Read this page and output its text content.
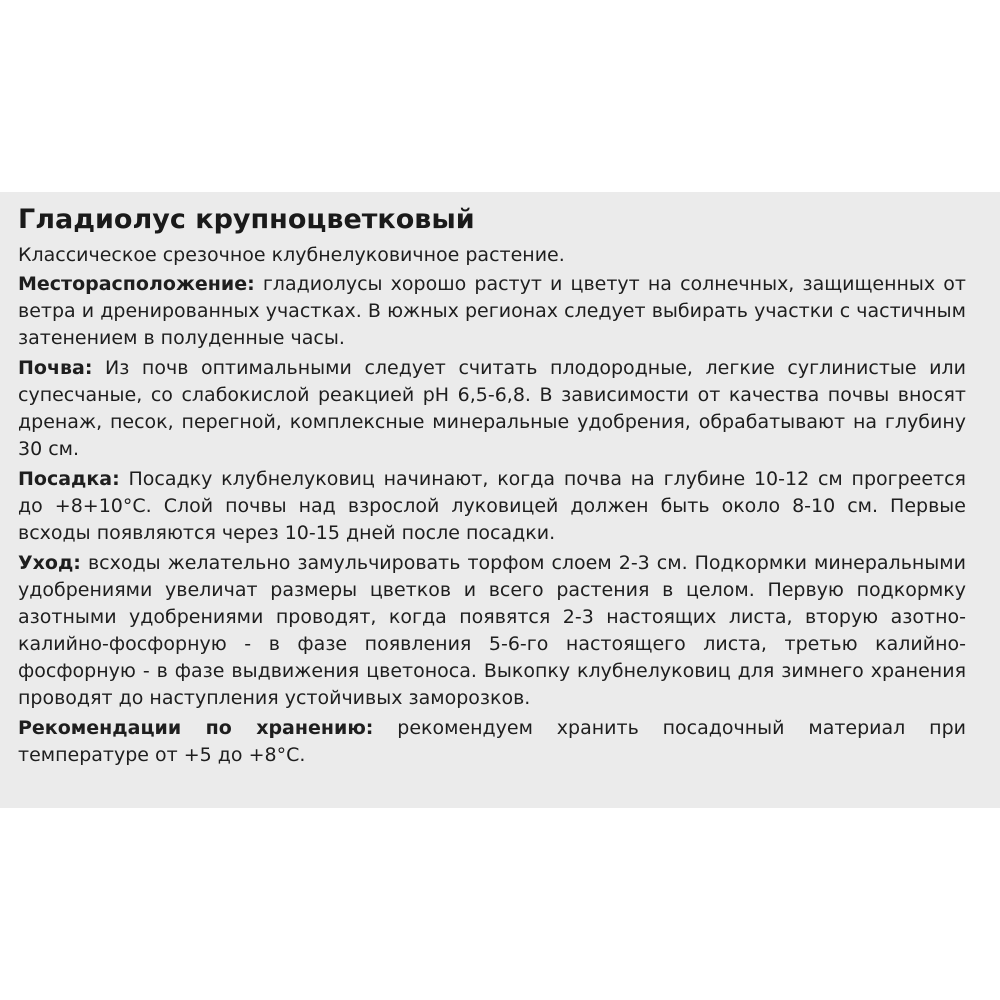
Гладиолус крупноцветковый

Классическое срезочное клубнелуковичное растение.

Месторасположение: гладиолусы хорошо растут и цветут на солнечных, защищенных от ветра и дренированных участках. В южных регионах следует выбирать участки с частичным затенением в полуденные часы.

Почва: Из почв оптимальными следует считать плодородные, легкие суглинистые или супесчаные, со слабокислой реакцией pH 6,5-6,8. В зависимости от качества почвы вносят дренаж, песок, перегной, комплексные минеральные удобрения, обрабатывают на глубину 30 см.

Посадка: Посадку клубнелуковиц начинают, когда почва на глубине 10-12 см прогреется до +8+10°С. Слой почвы над взрослой луковицей должен быть около 8-10 см. Первые всходы появляются через 10-15 дней после посадки.

Уход: всходы желательно замульчировать торфом слоем 2-3 см. Подкормки минеральными удобрениями увеличат размеры цветков и всего растения в целом. Первую подкормку азотными удобрениями проводят, когда появятся 2-3 настоящих листа, вторую азотно-калийно-фосфорную - в фазе появления 5-6-го настоящего листа, третью калийно-фосфорную - в фазе выдвижения цветоноса. Выкопку клубнелуковиц для зимнего хранения проводят до наступления устойчивых заморозков.

Рекомендации по хранению: рекомендуем хранить посадочный материал при температуре от +5 до +8°С.
